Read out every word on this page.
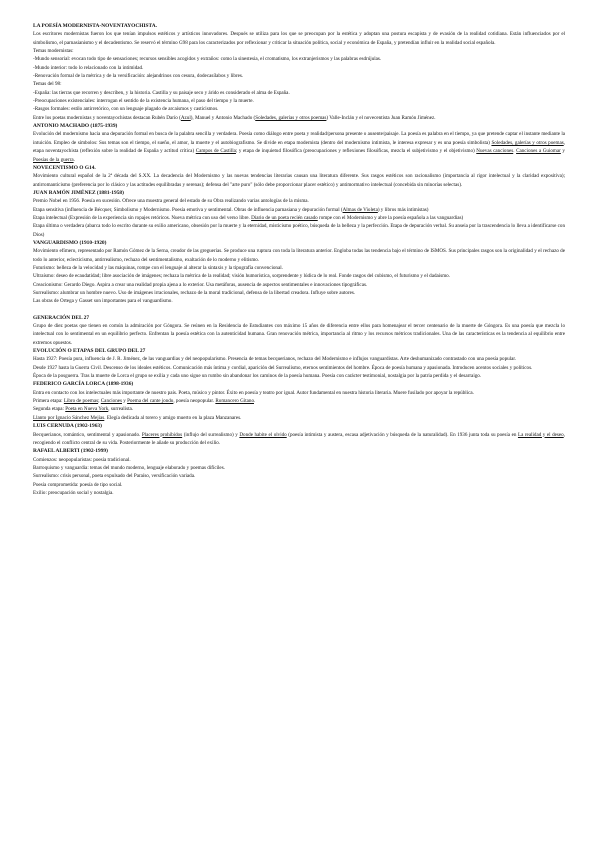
LA POESÍA MODERNISTA-NOVENTAYOCHISTA.

Los escritores modernistas fueron los que tenían impulsos estéticos y artísticos innovadores. Después se utiliza para los que se preocupan por la estética y adoptan una postura escapista y de evasión de la realidad cotidiana. Están influenciados por el simbolismo, el parnasianismo y el decadentismo. Se reservó el término G98 para los caracterizados por reflexionar y criticar la situación política, social y económica de España, y pretendían influir en la realidad social española.

Temas modernistas:

-Mundo sensorial: evocan todo tipo de sensaciones; recursos sensibles acogidos y extraños: como la sinestesia, el cromatismo, los extranjerismos y las palabras esdrújulas.

-Mundo interior: todo lo relacionado con la intimidad.

-Renovación formal de la métrica y de la versificación: alejandrinos con cesura, dodecasílabos y libres.

Temas del 98:

-España: las tierras que recorren y describen, y la historia. Castilla y su paisaje seco y árido es considerado el alma de España.

-Preocupaciones existenciales: interrogan el sentido de la existencia humana, el paso del tiempo y la muerte.

-Rasgos formales: estilo antirretórico, con un lenguaje plagado de arcaísmos y casticismos.

Entre los poetas modernistas y noventayochistas destacan Rubén Darío (Azul), Manuel y Antonio Machado (Soledades, galerías y otros poemas) Valle-Inclán y el novecentista Juan Ramón Jiménez.

ANTONIO MACHADO (1875-1939)

Evolución del modernismo hacia una depuración formal en busca de la palabra sencilla y verdadera. Poesía como diálogo entre poeta y realidad/persona presente o ausente/paisaje. La poesía es palabra en el tiempo, ya que pretende captar el instante mediante la intuición. Empleo de símbolos: Sus temas son el tiempo, el sueño, el amor, la muerte y el autobiografismo. Se divide en etapa modernista (dentro del modernismo intimista, le interesa expresar y es una poesía simbolista) Soledades, galerías y otros poemas, etapa noventayochista (reflexión sobre la realidad de España y actitud crítica) Campos de Castilla; y etapa de inquietud filosófica (preocupaciones y reflexiones filosóficas, mezcla el subjetivismo y el objetivismo) Nuevas canciones. Canciones a Guiomar y Poesías de la guerra.

NOVECENTISMO O G14.

Movimiento cultural español de la 2ª década del S.XX. La decadencia del Modernismo y las nuevas tendencias literarias causan una literatura diferente. Sus rasgos estéticos son racionalismo (importancia al rigor intelectual y la claridad expositiva); antirromanticismo (preferencia por lo clásico y las actitudes equilibradas y serenas); defensa del "arte puro" (sólo debe proporcionar placer estético) y antimormativo intelectual (concebida sin minorías selectas).

JUAN RAMÓN JIMÉNEZ (1881-1958)

Premio Nobel en 1956. Poesía en sucesión. Ofrece una muestra general del estado de su Obra realizando varias antologías de la misma.

Etapa sensitiva (influencia de Bécquer, Simbolismo y Modernismo. Poesía emotiva y sentimental. Obras de influencia parnasiana y depuración formal (Almas de Violeta) y libros más intimistas)

Etapa intelectual (Expresión de la experiencia sin ropajes retóricos. Nueva métrica con uso del verso libre. Diario de un poeta recién casado rompe con el Modernismo y abre la poesía española a las vanguardias)

Etapa última o verdadera (abarca todo lo escrito durante su exilio americano, obsesión por la muerte y la eternidad, misticismo poético, búsqueda de la belleza y la perfección. Etapa de depuración verbal. Su anseia por la trascendencia lo lleva a identificarse con Dios)

VANGUARDISMO (1910-1920)

Movimiento efímero, representado por Ramón Gómez de la Serna, creador de las greguerías. Se produce una ruptura con toda la literatura anterior. Engloba todas las tendencia bajo el término de ISMOS. Sus principales rasgos son la originalidad y el rechazo de todo lo anterior, eclecticismo, antirrealismo, rechazo del sentimentalismo, exaltación de lo moderno y elitismo.

Futurismo: belleza de la velocidad y las máquinas, rompe con el lenguaje al alterar la sintaxis y la tipografía convencional.

Ultraísmo: deseo de ecaudatidad; libre asociación de imágenes; rechaza la métrica de la realidad; visión humorística, sorprendente y lúdica de lo real. Fonde rasgos del cubismo, el futurismo y el dadaísmo.

Creacionismo: Gerardo Diego. Aspira a crear una realidad propia ajena a lo exterior. Usa metáforas, ausencia de aspectos sentimentales e innovaciones tipográficas.

Surrealismo: alumbrar un hombre nuevo. Uso de imágenes irracionales, rechazo de la moral tradicional, defensa de la libertad creadora. Influye sobre autores.

Las obras de Ortega y Gasset son importantes para el vanguardismo.

GENERACIÓN DEL 27

Grupo de diez poetas que tienen en común la admiración por Góngora. Se reúnen en la Residencia de Estudiantes con máximo 15 años de diferencia entre ellos para homenajear el tercer centenario de la muerte de Góngora. Es una poesía que mezcla lo intelectual con lo sentimental en un equilibrio perfecto. Enfrentan la poesía estética con la autenticidad humana. Gran renovación métrica, importancia al ritmo y los recursos métricos tradicionales. Una de las características es la tendencia al equilibrio entre extremos opuestos.

EVOLUCIÓN O ETAPAS DEL GRUPO DEL 27

Hasta 1927: Poesía pura, influencia de J. R. Jiménez, de las vanguardias y del neopopularismo. Presencia de temas becquerianos, rechazo del Modernismo e influjos vanguardistas. Arte deshumanizado contrastado con una poesía popular.

Desde 1927 hasta la Guerra Civil. Descenso de los ideales estéticos. Comunicación más íntima y cordial, aparición del Surrealismo, eternos sentimientos del hombre. Época de poesía humana y apasionada. Introducen acentos sociales y políticos.

Época de la posguerra. Tras la muerte de Lorca el grupo se exilia y cada uno sigue un rumbo sin abandonar los caminos de la poesía humana. Poesía con carácter testimonial, nostalgia por la patria perdida y el desarraigo.

FEDERICO GARCÍA LORCA (1898-1936)

Entra en contacto con los intelectuales más importante de nuestro país. Poeta, músico y pintor. Éxito en poesía y teatro por igual. Autor fundamental en nuestra historia literaria. Muere fusilado por apoyar la república.

Primera etapa: Libro de poemas; Canciones y Poema del cante jondo, poesía neopopular. Romancero Gitano.

Segunda etapa: Poeta en Nueva York, surrealista.

Llanto por Ignacio Sánchez Mejías. Elegía dedicada al torero y amigo muerto en la plaza Manzanares.

LUIS CERNUDA (1902-1963)

Becquerianos, romántico, sentimental y apasionado. Placeres prohibidos (influjo del surrealismo) y Donde habite el olvido (poesía intimista y austera, escasa adjetivación y búsqueda de la naturalidad). En 1936 junta toda su poesía en La realidad y el deseo, recogiendo el conflicto central de su vida. Posteriormente le añade su producción del exilio.

RAFAEL ALBERTI (1902-1999)

Comienzos: neopopularistas: poesía tradicional.

Barroquismo y vanguardia: temas del mundo moderno, lenguaje elaborado y poemas difíciles.

Surrealismo: crisis personal, poeta expulsado del Paraíso, versificación variada.

Poesía comprometida: poesía de tipo social.

Exilio: preocupación social y nostalgia.
